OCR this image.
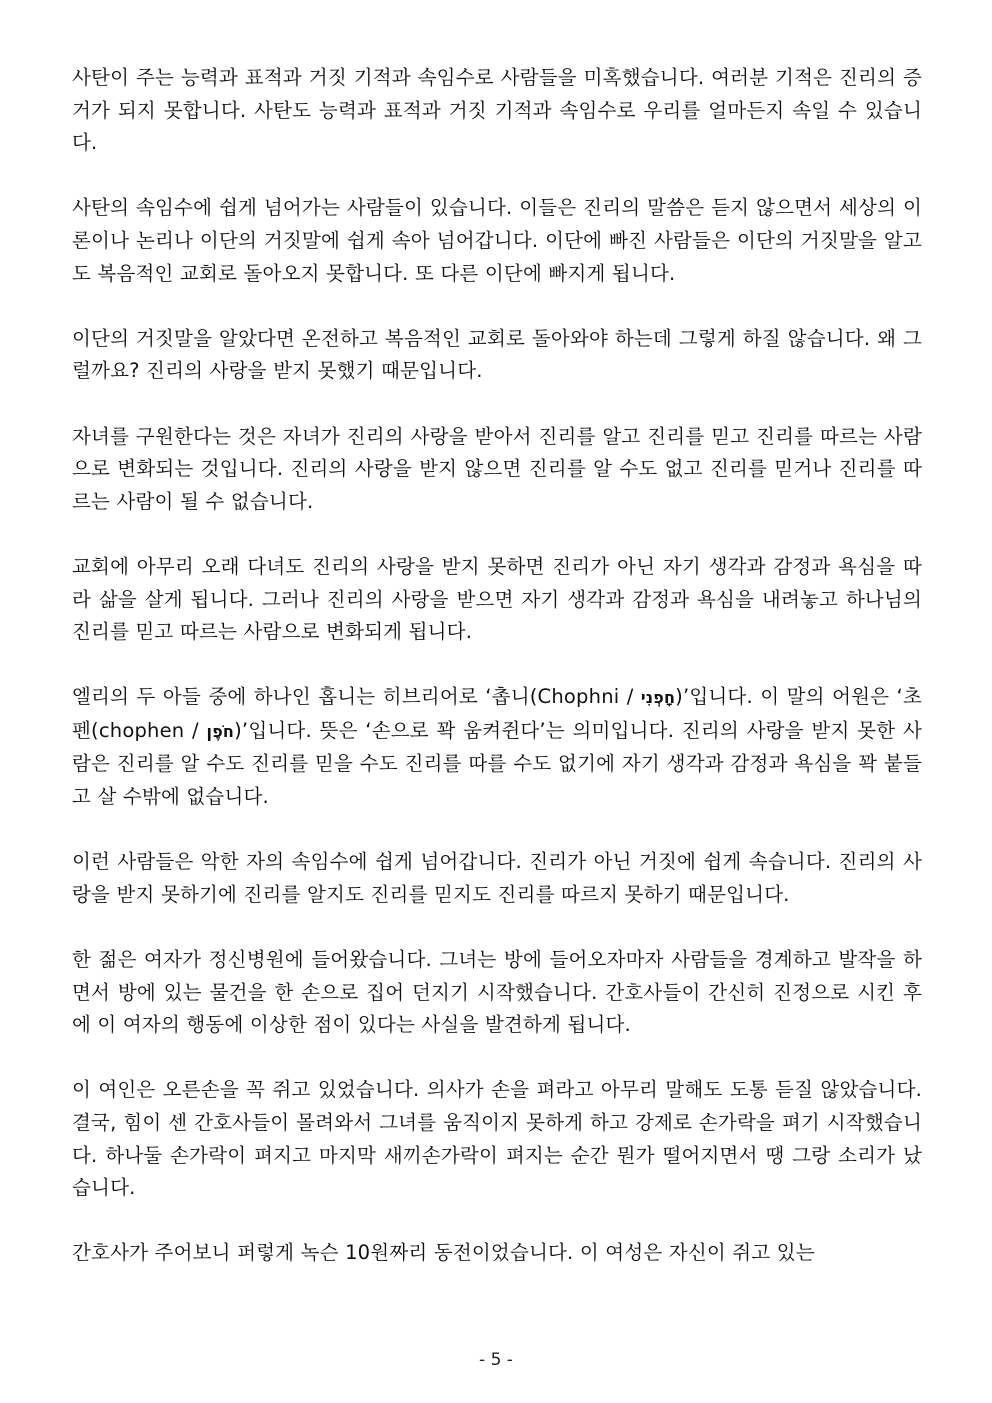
사탄이 주는 능력과 표적과 거짓 기적과 속임수로 사람들을 미혹했습니다. 여러분 기적은 진리의 증거가 되지 못합니다. 사탄도 능력과 표적과 거짓 기적과 속임수로 우리를 얼마든지 속일 수 있습니다.

사탄의 속임수에 쉽게 넘어가는 사람들이 있습니다. 이들은 진리의 말씀은 듣지 않으면서 세상의 이론이나 논리나 이단의 거짓말에 쉽게 속아 넘어갑니다. 이단에 빠진 사람들은 이단의 거짓말을 알고도 복음적인 교회로 돌아오지 못합니다. 또 다른 이단에 빠지게 됩니다.

이단의 거짓말을 알았다면 온전하고 복음적인 교회로 돌아와야 하는데 그렇게 하질 않습니다. 왜 그럴까요? 진리의 사랑을 받지 못했기 때문입니다.

자녀를 구원한다는 것은 자녀가 진리의 사랑을 받아서 진리를 알고 진리를 믿고 진리를 따르는 사람으로 변화되는 것입니다. 진리의 사랑을 받지 않으면 진리를 알 수도 없고 진리를 믿거나 진리를 따르는 사람이 될 수 없습니다.

교회에 아무리 오래 다녀도 진리의 사랑을 받지 못하면 진리가 아닌 자기 생각과 감정과 욕심을 따라 삶을 살게 됩니다. 그러나 진리의 사랑을 받으면 자기 생각과 감정과 욕심을 내려놓고 하나님의 진리를 믿고 따르는 사람으로 변화되게 됩니다.

엘리의 두 아들 중에 하나인 홉니는 히브리어로 ‘촙니(Chophni / חָפְנִי)’입니다. 이 말의 어원은 ‘초펜(chophen / חֹפֶן)’입니다. 뜻은 ‘손으로 꽉 움켜쥔다’는 의미입니다. 진리의 사랑을 받지 못한 사람은 진리를 알 수도 진리를 믿을 수도 진리를 따를 수도 없기에 자기 생각과 감정과 욕심을 꽉 붙들고 살 수밖에 없습니다.

이런 사람들은 악한 자의 속임수에 쉽게 넘어갑니다. 진리가 아닌 거짓에 쉽게 속습니다. 진리의 사랑을 받지 못하기에 진리를 알지도 진리를 믿지도 진리를 따르지 못하기 때문입니다.

한 젊은 여자가 정신병원에 들어왔습니다. 그녀는 방에 들어오자마자 사람들을 경계하고 발작을 하면서 방에 있는 물건을 한 손으로 집어 던지기 시작했습니다. 간호사들이 간신히 진정으로 시킨 후에 이 여자의 행동에 이상한 점이 있다는 사실을 발견하게 됩니다.

이 여인은 오른손을 꼭 쥐고 있었습니다. 의사가 손을 펴라고 아무리 말해도 도통 듣질 않았습니다. 결국, 힘이 센 간호사들이 몰려와서 그녀를 움직이지 못하게 하고 강제로 손가락을 펴기 시작했습니다. 하나둘 손가락이 펴지고 마지막 새끼손가락이 펴지는 순간 뭔가 떨어지면서 땡 그랑 소리가 났습니다.

간호사가 주어보니 퍼렇게 녹슨 10원짜리 동전이었습니다. 이 여성은 자신이 쥐고 있는

- 5 -
